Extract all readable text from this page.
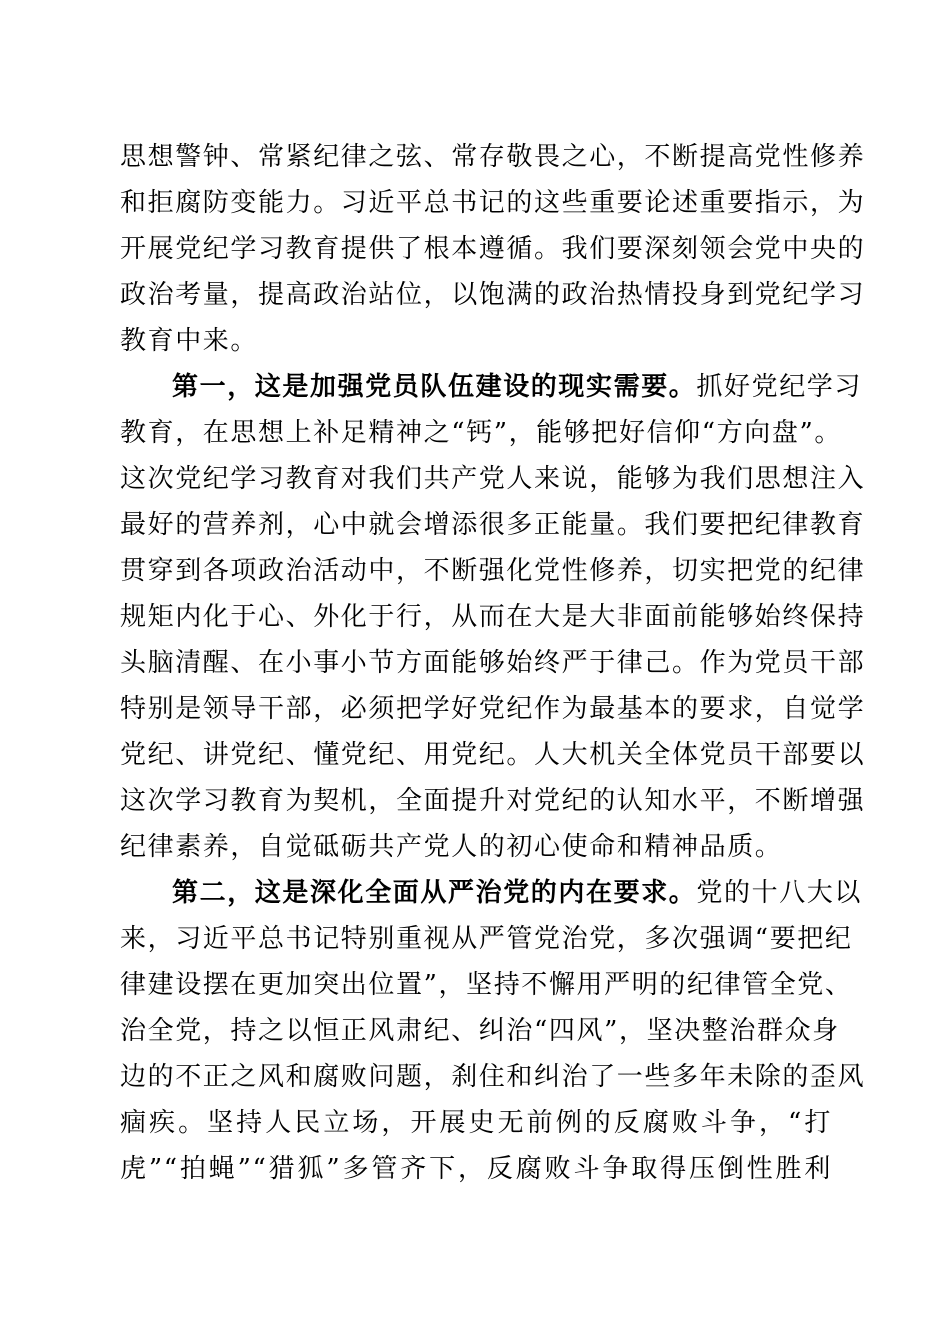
思想警钟、常紧纪律之弦、常存敬畏之心，不断提高党性修养
和拒腐防变能力。习近平总书记的这些重要论述重要指示，为
开展党纪学习教育提供了根本遵循。我们要深刻领会党中央的
政治考量，提高政治站位，以饱满的政治热情投身到党纪学习
教育中来。
第一，这是加强党员队伍建设的现实需要。抓好党纪学习
教育，在思想上补足精神之“钙”，能够把好信仰“方向盘”。
这次党纪学习教育对我们共产党人来说，能够为我们思想注入
最好的营养剂，心中就会增添很多正能量。我们要把纪律教育
贯穿到各项政治活动中，不断强化党性修养，切实把党的纪律
规矩内化于心、外化于行，从而在大是大非面前能够始终保持
头脑清醒、在小事小节方面能够始终严于律己。作为党员干部
特别是领导干部，必须把学好党纪作为最基本的要求，自觉学
党纪、讲党纪、懂党纪、用党纪。人大机关全体党员干部要以
这次学习教育为契机，全面提升对党纪的认知水平，不断增强
纪律素养，自觉砥砺共产党人的初心使命和精神品质。
第二，这是深化全面从严治党的内在要求。党的十八大以
来，习近平总书记特别重视从严管党治党，多次强调“要把纪
律建设摆在更加突出位置”，坚持不懈用严明的纪律管全党、
治全党，持之以恒正风肃纪、纠治“四风”，坚决整治群众身
边的不正之风和腐败问题，刹住和纠治了一些多年未除的歪风
痼疾。坚持人民立场，开展史无前例的反腐败斗争，“打
虎”“拍蝇”“猎狐”多管齐下，反腐败斗争取得压倒性胜利
